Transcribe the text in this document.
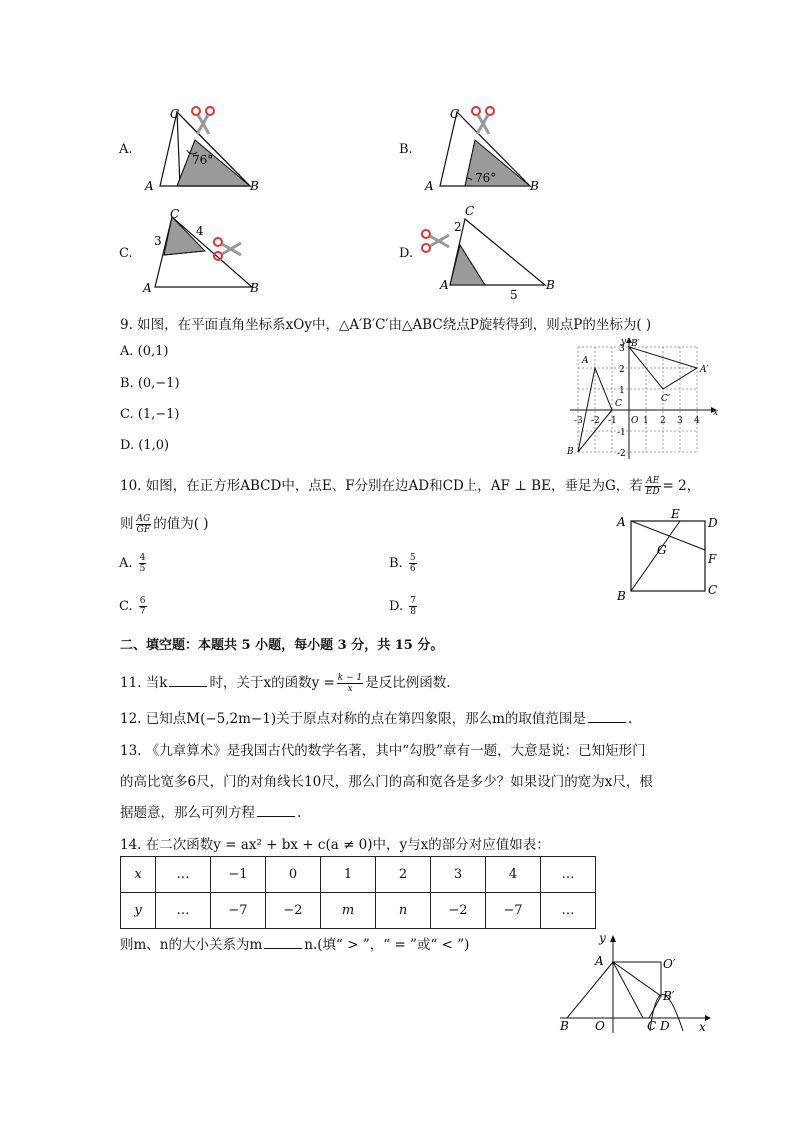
A.
76°
A	B
C
B.
76°
A	B
C
C.
3
4
A	B
C
D.
2
5
A	B
C
9. 如图，在平面直角坐标系xOy中，△A′B′C′由△ABC绕点P旋转得到，则点P的坐标为( )
A. (0,1)
B. (0,−1)
C. (1,−1)
D. (1,0)
x
y
O
-3 -2 -1	1 2 3 4
3
2
1
-1
-2
A
B
C
A′
B′
C′
10. 如图，在正方形ABCD中，点E、F分别在边AD和CD上，AF ⊥ BE，垂足为G，若 $\frac{AE}{ED} = 2$，
则 $\frac{AG}{GF}$ 的值为( )
A. $\frac{4}{5}$	B. $\frac{5}{6}$
C. $\frac{6}{7}$	D. $\frac{7}{8}$
A
B	C
D
E
F
G
二、填空题：本题共 5 小题，每小题 3 分，共 15 分。
11. 当k	时，关于x的函数$y = \frac{k - 1}{x}$ 是反比例函数.
12. 已知点M(−5,2m−1)关于原点对称的点在第四象限，那么m的取值范围是	.
13. 《九章算术》是我国古代的数学名著，其中“勾股”章有一题，大意是说：已知矩形门
的高比宽多6尺，门的对角线长10尺，那么门的高和宽各是多少？如果设门的宽为x尺，根
据题意，那么可列方程	.
14. 在二次函数y = ax² + bx + c(a ≠ 0)中，y与x的部分对应值如表：
x	…	−1	0	1	2	3	4	…
y	…	−7	−2	m	n	−2	−7	…
则m、n的大小关系为m	n.(填“ > ”，“ = ”或“ < ”)	y
x
A
B O
O′
B′
C D
